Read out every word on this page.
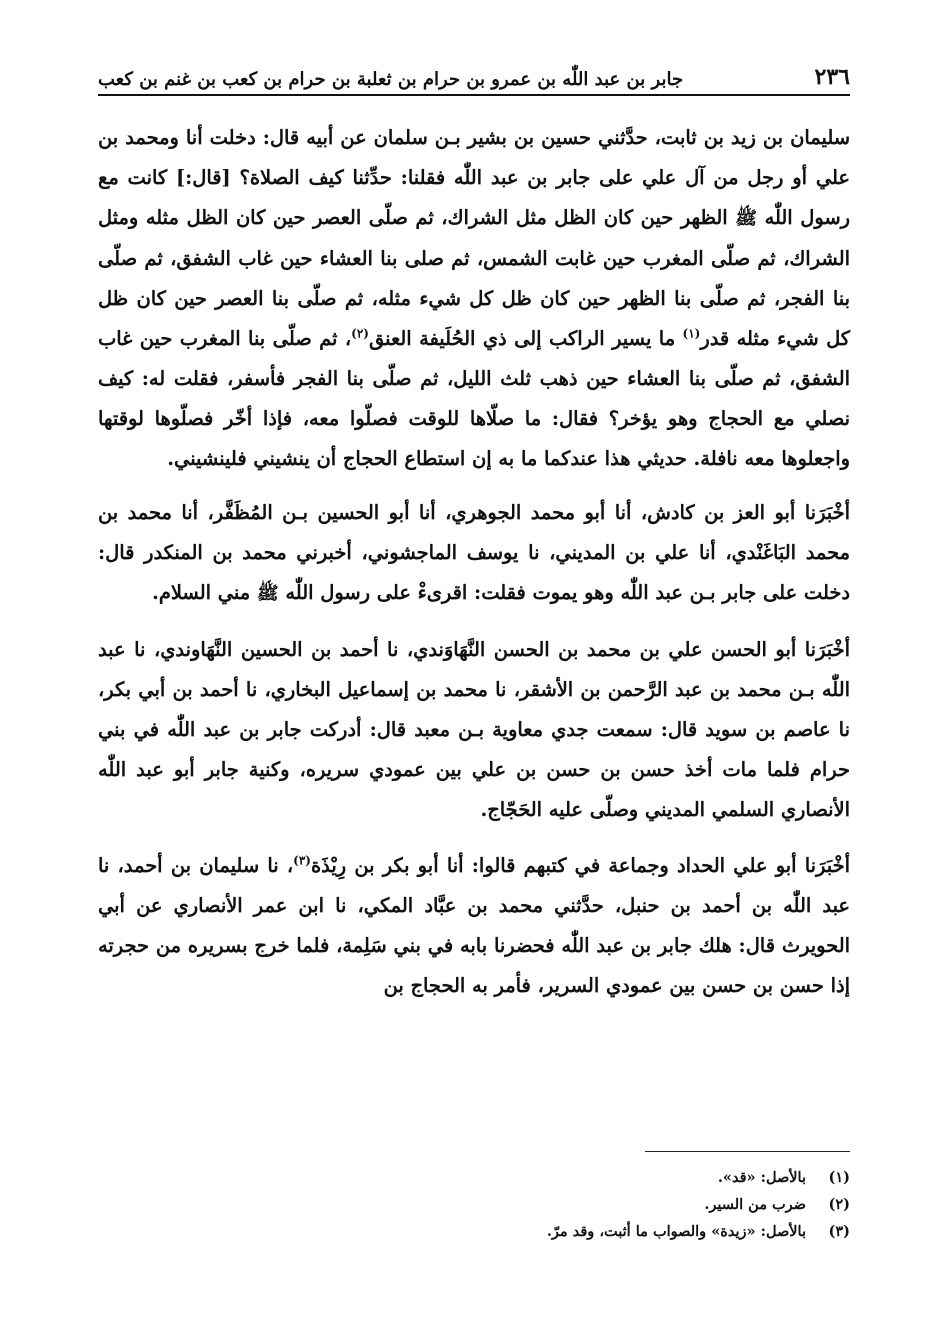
٢٣٦
جابر بن عبد اللّٰه بن عمرو بن حرام بن ثعلبة بن حرام بن كعب بن غنم بن كعب

سليمان بن زيد بن ثابت، حدَّثني حسين بن بشير بـن سلمان عن أبيه قال: دخلت أنا ومحمد بن علي أو رجل من آل علي على جابر بن عبد اللّٰه فقلنا: حدِّثنا كيف الصلاة؟ [قال:] كانت مع رسول اللّٰه ﷺ الظهر حين كان الظل مثل الشراك، ثم صلّى العصر حين كان الظل مثله ومثل الشراك، ثم صلّى المغرب حين غابت الشمس، ثم صلى بنا العشاء حين غاب الشفق، ثم صلّى بنا الفجر، ثم صلّى بنا الظهر حين كان ظل كل شيء مثله، ثم صلّى بنا العصر حين كان ظل كل شيء مثله قدر$^{(١)}$ ما يسير الراكب إلى ذي الحُلَيفة العنق$^{(٢)}$، ثم صلّى بنا المغرب حين غاب الشفق، ثم صلّى بنا العشاء حين ذهب ثلث الليل، ثم صلّى بنا الفجر فأسفر، فقلت له: كيف نصلي مع الحجاج وهو يؤخر؟ فقال: ما صلّاها للوقت فصلّوا معه، فإذا أخّر فصلّوها لوقتها واجعلوها معه نافلة. حديثي هذا عندكما ما به إن استطاع الحجاج أن ينشيني فلينشيني.

أخْبَرَنا أبو العز بن كادش، أنا أبو محمد الجوهري، أنا أبو الحسين بـن المُظَفَّر، أنا محمد بن محمد البَاغَنْدي، أنا علي بن المديني، نا يوسف الماجشوني، أخبرني محمد بن المنكدر قال: دخلت على جابر بـن عبد اللّٰه وهو يموت فقلت: اقرىءْ على رسول اللّٰه ﷺ مني السلام.

أخْبَرَنا أبو الحسن علي بن محمد بن الحسن النَّهَاوَندي، نا أحمد بن الحسين النَّهَاوندي، نا عبد اللّٰه بـن محمد بن عبد الرَّحمن بن الأشقر، نا محمد بن إسماعيل البخاري، نا أحمد بن أبي بكر، نا عاصم بن سويد قال: سمعت جدي معاوية بـن معبد قال: أدركت جابر بن عبد اللّٰه في بني حرام فلما مات أخذ حسن بن حسن بن علي بين عمودي سريره، وكنية جابر أبو عبد اللّٰه الأنصاري السلمي المديني وصلّى عليه الحَجّاج.

أخْبَرَنا أبو علي الحداد وجماعة في كتبهم قالوا: أنا أبو بكر بن رِيْذَة$^{(٣)}$، نا سليمان بن أحمد، نا عبد اللّٰه بن أحمد بن حنبل، حدَّثني محمد بن عبَّاد المكي، نا ابن عمر الأنصاري عن أبي الحويرث قال: هلك جابر بن عبد اللّٰه فحضرنا بابه في بني سَلِمة، فلما خرج بسريره من حجرته إذا حسن بن حسن بين عمودي السرير، فأمر به الحجاج بن

(١)
بالأصل: «قد».
(٢)
ضرب من السير.
(٣)
بالأصل: «زيدة» والصواب ما أثبت، وقد مرّ.
